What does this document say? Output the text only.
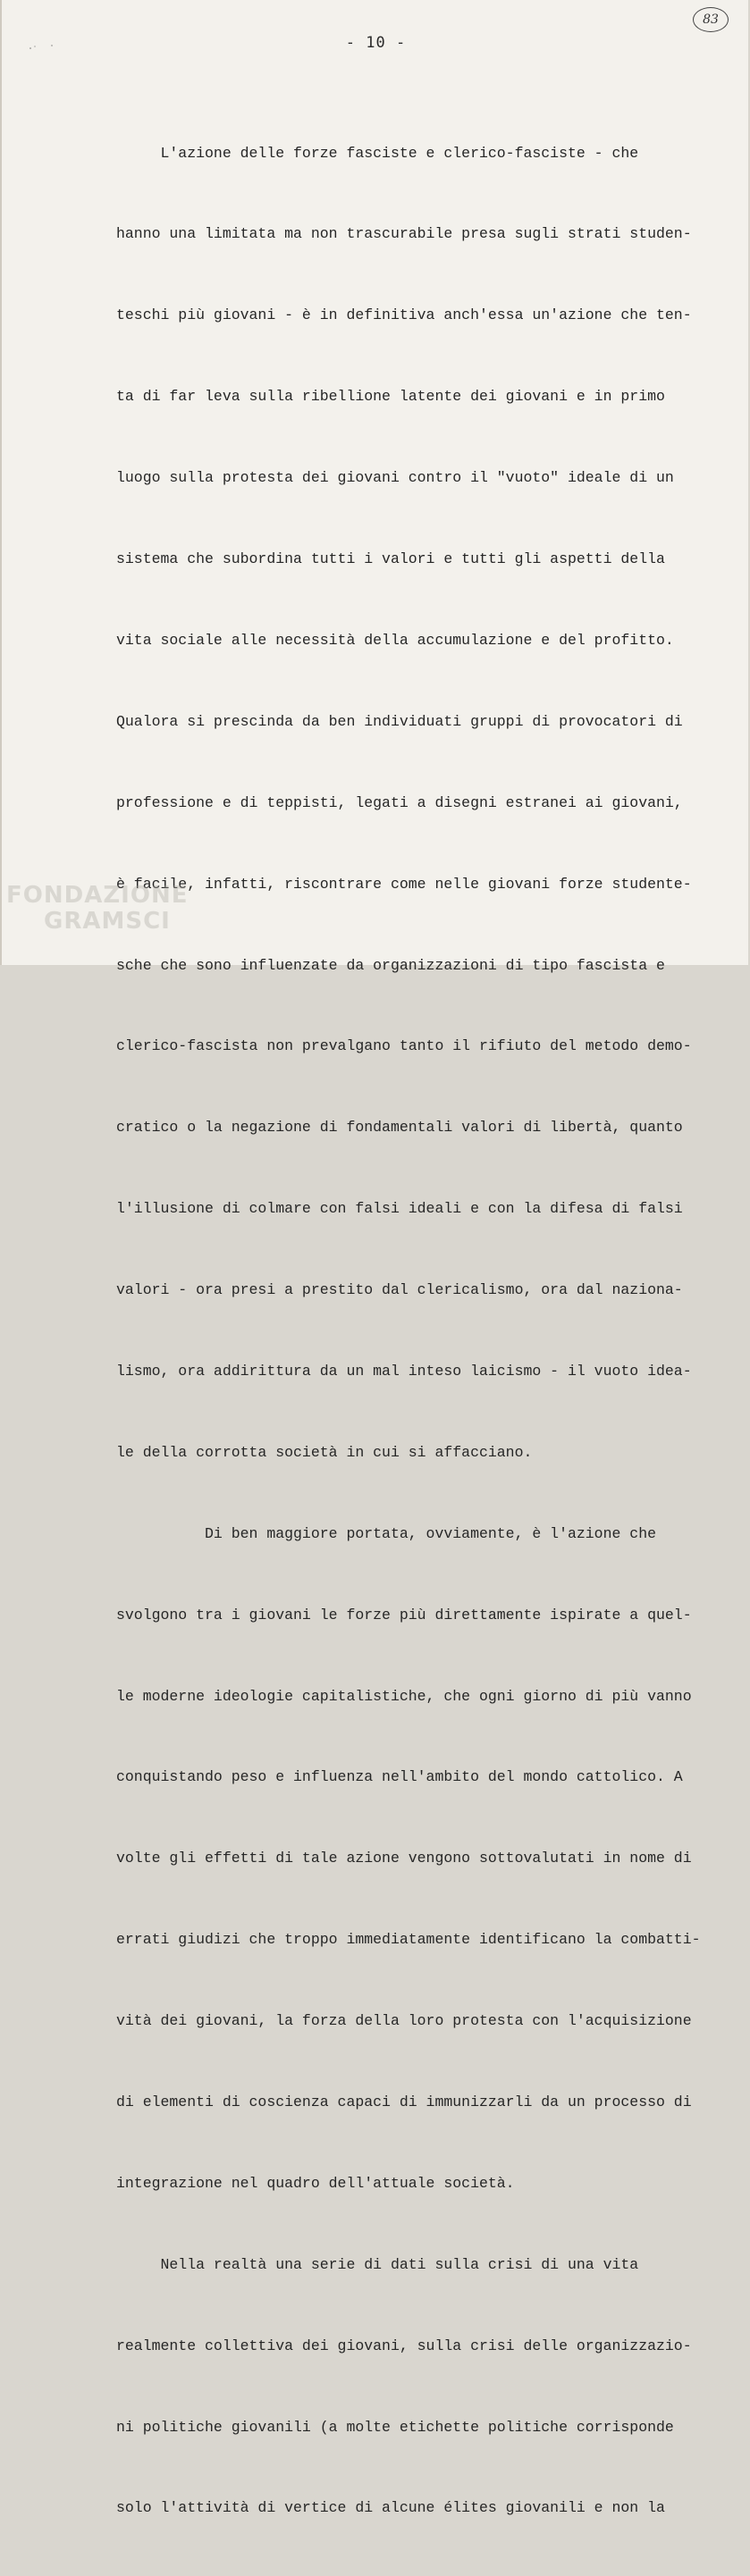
83
- 10 -

L'azione delle forze fasciste e clerico-fasciste - che

hanno una limitata ma non trascurabile presa sugli strati studen-

teschi più giovani - è in definitiva anch'essa un'azione che ten-

ta di far leva sulla ribellione latente dei giovani e in primo

luogo sulla protesta dei giovani contro il "vuoto" ideale di un

sistema che subordina tutti i valori e tutti gli aspetti della

vita sociale alle necessità della accumulazione e del profitto.

Qualora si prescinda da ben individuati gruppi di provocatori di

professione e di teppisti, legati a disegni estranei ai giovani,

è facile, infatti, riscontrare come nelle giovani forze studente-

sche che sono influenzate da organizzazioni di tipo fascista e

clerico-fascista non prevalgano tanto il rifiuto del metodo demo-

cratico o la negazione di fondamentali valori di libertà, quanto

l'illusione di colmare con falsi ideali e con la difesa di falsi

valori - ora presi a prestito dal clericalismo, ora dal naziona-

lismo, ora addirittura da un mal inteso laicismo - il vuoto idea-

le della corrotta società in cui si affacciano.

Di ben maggiore portata, ovviamente, è l'azione che

svolgono tra i giovani le forze più direttamente ispirate a quel-

le moderne ideologie capitalistiche, che ogni giorno di più vanno

conquistando peso e influenza nell'ambito del mondo cattolico. A

volte gli effetti di tale azione vengono sottovalutati in nome di

errati giudizi che troppo immediatamente identificano la combatti-

vità dei giovani, la forza della loro protesta con l'acquisizione

di elementi di coscienza capaci di immunizzarli da un processo di

integrazione nel quadro dell'attuale società.

Nella realtà una serie di dati sulla crisi di una vita

realmente collettiva dei giovani, sulla crisi delle organizzazio-

ni politiche giovanili (a molte etichette politiche corrisponde

solo l'attività di vertice di alcune élites giovanili e non la

FONDAZIONE
GRAMSCI
